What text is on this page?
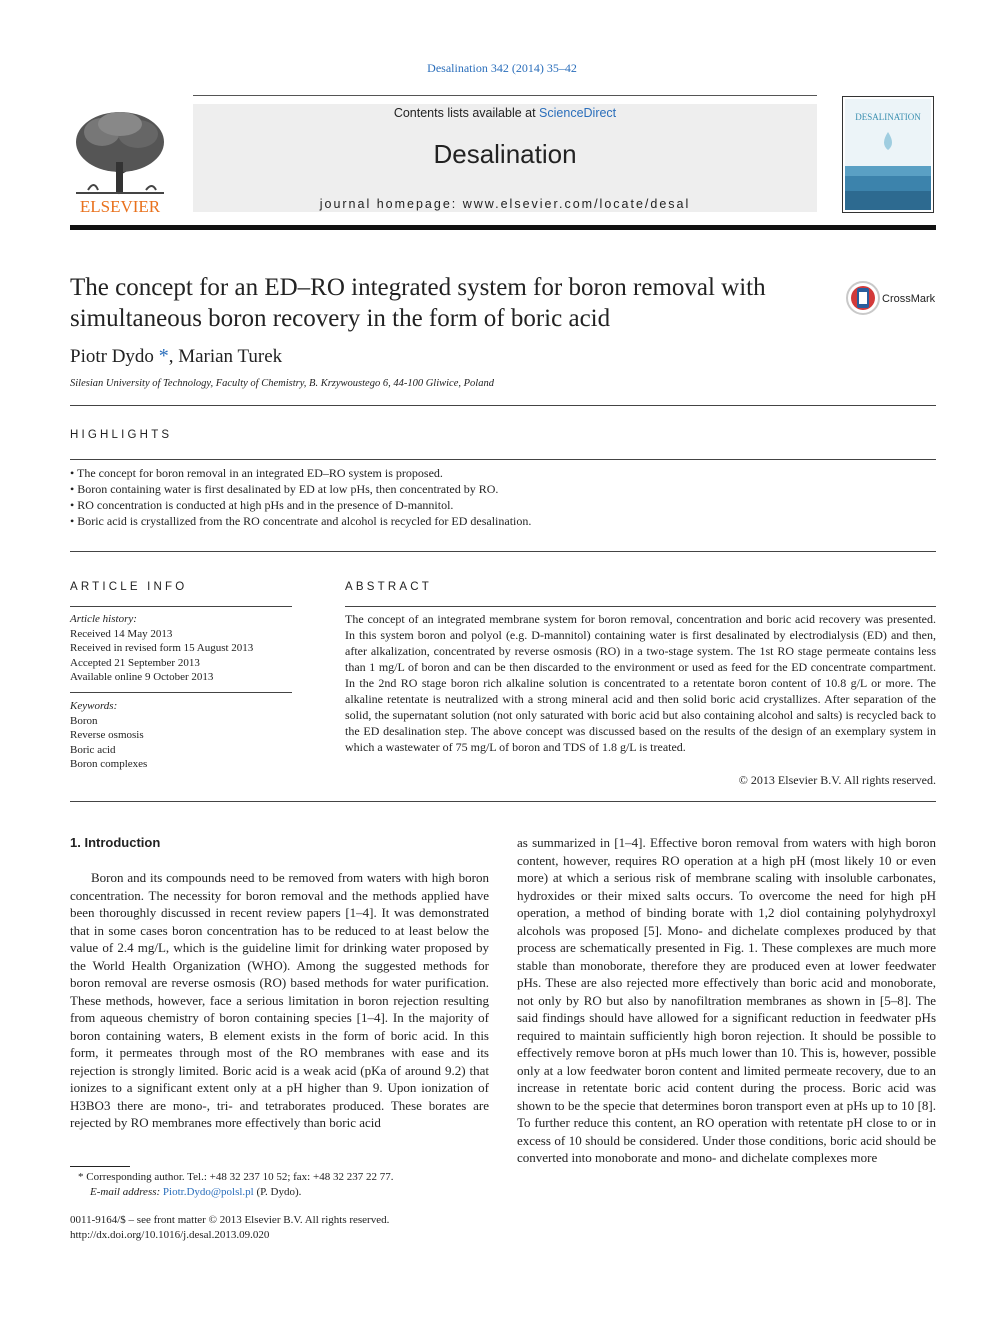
Desalination 342 (2014) 35–42
ELSEVIER
Contents lists available at ScienceDirect
Desalination
journal homepage: www.elsevier.com/locate/desal
DESALINATION
The concept for an ED–RO integrated system for boron removal with simultaneous boron recovery in the form of boric acid
CrossMark
Piotr Dydo *, Marian Turek
Silesian University of Technology, Faculty of Chemistry, B. Krzywoustego 6, 44-100 Gliwice, Poland
HIGHLIGHTS
• The concept for boron removal in an integrated ED–RO system is proposed.
• Boron containing water is first desalinated by ED at low pHs, then concentrated by RO.
• RO concentration is conducted at high pHs and in the presence of D-mannitol.
• Boric acid is crystallized from the RO concentrate and alcohol is recycled for ED desalination.
ARTICLE INFO
Article history:
Received 14 May 2013
Received in revised form 15 August 2013
Accepted 21 September 2013
Available online 9 October 2013
Keywords:
Boron
Reverse osmosis
Boric acid
Boron complexes
ABSTRACT
The concept of an integrated membrane system for boron removal, concentration and boric acid recovery was presented. In this system boron and polyol (e.g. D-mannitol) containing water is first desalinated by electrodialysis (ED) and then, after alkalization, concentrated by reverse osmosis (RO) in a two-stage system. The 1st RO stage permeate contains less than 1 mg/L of boron and can be then discarded to the environment or used as feed for the ED concentrate compartment. In the 2nd RO stage boron rich alkaline solution is concentrated to a retentate boron content of 10.8 g/L or more. The alkaline retentate is neutralized with a strong mineral acid and then solid boric acid crystallizes. After separation of the solid, the supernatant solution (not only saturated with boric acid but also containing alcohol and salts) is recycled back to the ED desalination step. The above concept was discussed based on the results of the design of an exemplary system in which a wastewater of 75 mg/L of boron and TDS of 1.8 g/L is treated.
© 2013 Elsevier B.V. All rights reserved.
1. Introduction

Boron and its compounds need to be removed from waters with high boron concentration. The necessity for boron removal and the methods applied have been thoroughly discussed in recent review papers [1–4]. It was demonstrated that in some cases boron concentration has to be reduced to at least below the value of 2.4 mg/L, which is the guideline limit for drinking water proposed by the World Health Organization (WHO). Among the suggested methods for boron removal are reverse osmosis (RO) based methods for water purification. These methods, however, face a serious limitation in boron rejection resulting from aqueous chemistry of boron containing species [1–4]. In the majority of boron containing waters, B element exists in the form of boric acid. In this form, it permeates through most of the RO membranes with ease and its rejection is strongly limited. Boric acid is a weak acid (pKa of around 9.2) that ionizes to a significant extent only at a pH higher than 9. Upon ionization of H3BO3 there are mono-, tri- and tetraborates produced. These borates are rejected by RO membranes more effectively than boric acid

as summarized in [1–4]. Effective boron removal from waters with high boron content, however, requires RO operation at a high pH (most likely 10 or even more) at which a serious risk of membrane scaling with insoluble carbonates, hydroxides or their mixed salts occurs. To overcome the need for high pH operation, a method of binding borate with 1,2 diol containing polyhydroxyl alcohols was proposed [5]. Mono- and dichelate complexes produced by that process are schematically presented in Fig. 1. These complexes are much more stable than monoborate, therefore they are produced even at lower feedwater pHs. These are also rejected more effectively than boric acid and monoborate, not only by RO but also by nanofiltration membranes as shown in [5–8]. The said findings should have allowed for a significant reduction in feedwater pHs required to maintain sufficiently high boron rejection. It should be possible to effectively remove boron at pHs much lower than 10. This is, however, possible only at a low feedwater boron content and limited permeate recovery, due to an increase in retentate boric acid content during the process. Boric acid was shown to be the specie that determines boron transport even at pHs up to 10 [8]. To further reduce this content, an RO operation with retentate pH close to or in excess of 10 should be considered. Under those conditions, boric acid should be converted into monoborate and mono- and dichelate complexes more

* Corresponding author. Tel.: +48 32 237 10 52; fax: +48 32 237 22 77.
E-mail address: Piotr.Dydo@polsl.pl (P. Dydo).
0011-9164/$ – see front matter © 2013 Elsevier B.V. All rights reserved.
http://dx.doi.org/10.1016/j.desal.2013.09.020
